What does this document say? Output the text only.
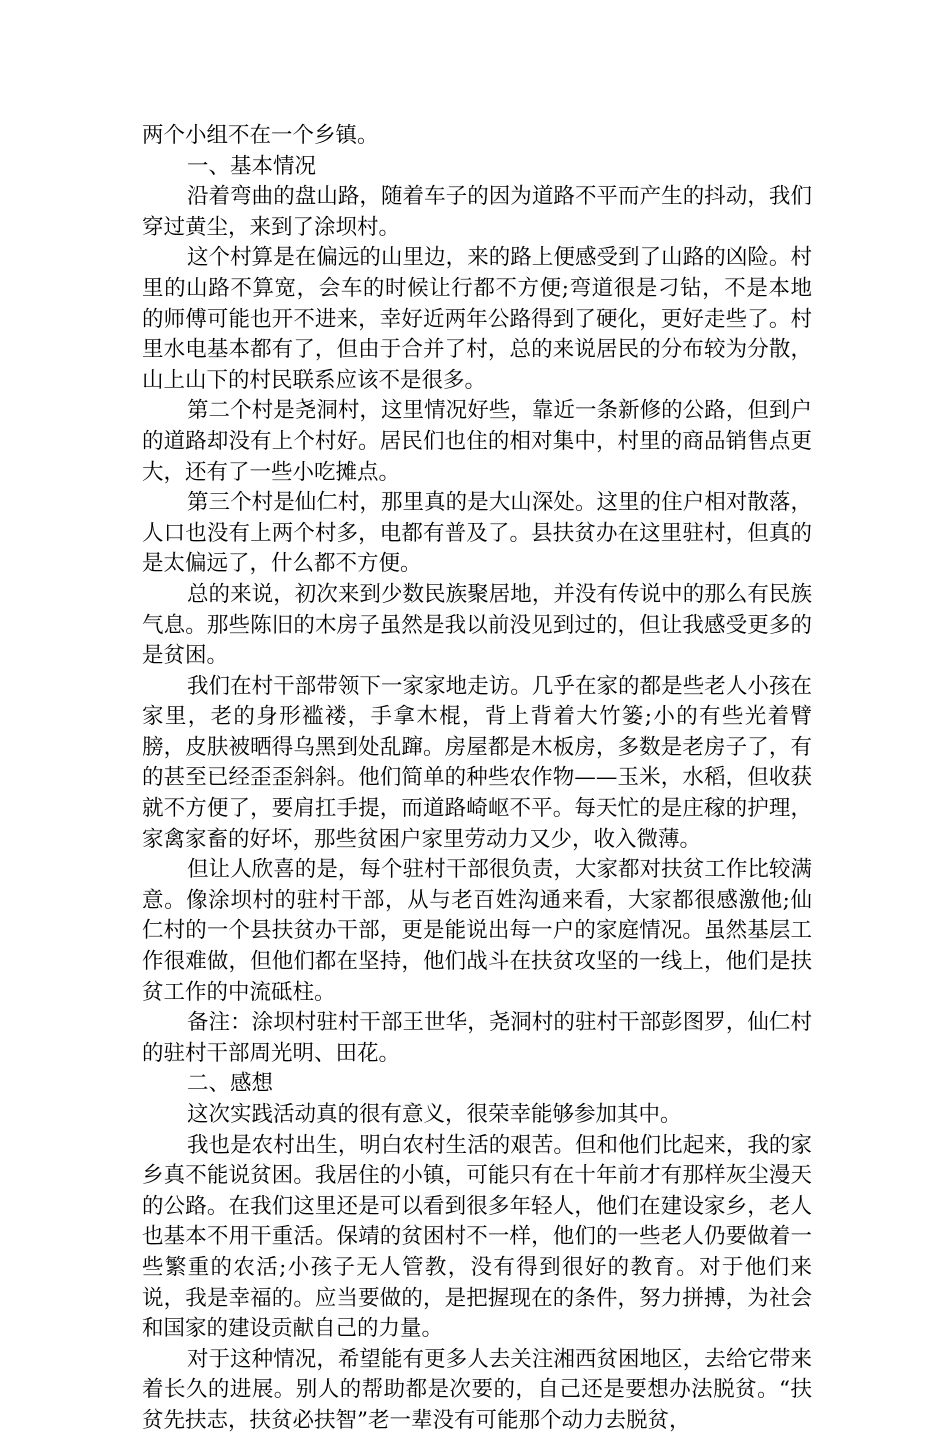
两个小组不在一个乡镇。

一、基本情况

沿着弯曲的盘山路，随着车子的因为道路不平而产生的抖动，我们穿过黄尘，来到了涂坝村。

这个村算是在偏远的山里边，来的路上便感受到了山路的凶险。村里的山路不算宽，会车的时候让行都不方便;弯道很是刁钻，不是本地的师傅可能也开不进来，幸好近两年公路得到了硬化，更好走些了。村里水电基本都有了，但由于合并了村，总的来说居民的分布较为分散，山上山下的村民联系应该不是很多。

第二个村是尧洞村，这里情况好些，靠近一条新修的公路，但到户的道路却没有上个村好。居民们也住的相对集中，村里的商品销售点更大，还有了一些小吃摊点。

第三个村是仙仁村，那里真的是大山深处。这里的住户相对散落，人口也没有上两个村多，电都有普及了。县扶贫办在这里驻村，但真的是太偏远了，什么都不方便。

总的来说，初次来到少数民族聚居地，并没有传说中的那么有民族气息。那些陈旧的木房子虽然是我以前没见到过的，但让我感受更多的是贫困。

我们在村干部带领下一家家地走访。几乎在家的都是些老人小孩在家里，老的身形褴褛，手拿木棍，背上背着大竹篓;小的有些光着臂膀，皮肤被晒得乌黑到处乱蹿。房屋都是木板房，多数是老房子了，有的甚至已经歪歪斜斜。他们简单的种些农作物——玉米，水稻，但收获就不方便了，要肩扛手提，而道路崎岖不平。每天忙的是庄稼的护理，家禽家畜的好坏，那些贫困户家里劳动力又少，收入微薄。

但让人欣喜的是，每个驻村干部很负责，大家都对扶贫工作比较满意。像涂坝村的驻村干部，从与老百姓沟通来看，大家都很感激他;仙仁村的一个县扶贫办干部，更是能说出每一户的家庭情况。虽然基层工作很难做，但他们都在坚持，他们战斗在扶贫攻坚的一线上，他们是扶贫工作的中流砥柱。

备注：涂坝村驻村干部王世华，尧洞村的驻村干部彭图罗，仙仁村的驻村干部周光明、田花。

二、感想

这次实践活动真的很有意义，很荣幸能够参加其中。

我也是农村出生，明白农村生活的艰苦。但和他们比起来，我的家乡真不能说贫困。我居住的小镇，可能只有在十年前才有那样灰尘漫天的公路。在我们这里还是可以看到很多年轻人，他们在建设家乡，老人也基本不用干重活。保靖的贫困村不一样，他们的一些老人仍要做着一些繁重的农活;小孩子无人管教，没有得到很好的教育。对于他们来说，我是幸福的。应当要做的，是把握现在的条件，努力拼搏，为社会和国家的建设贡献自己的力量。

对于这种情况，希望能有更多人去关注湘西贫困地区，去给它带来着长久的进展。别人的帮助都是次要的，自己还是要想办法脱贫。“扶贫先扶志，扶贫必扶智”老一辈没有可能那个动力去脱贫，
